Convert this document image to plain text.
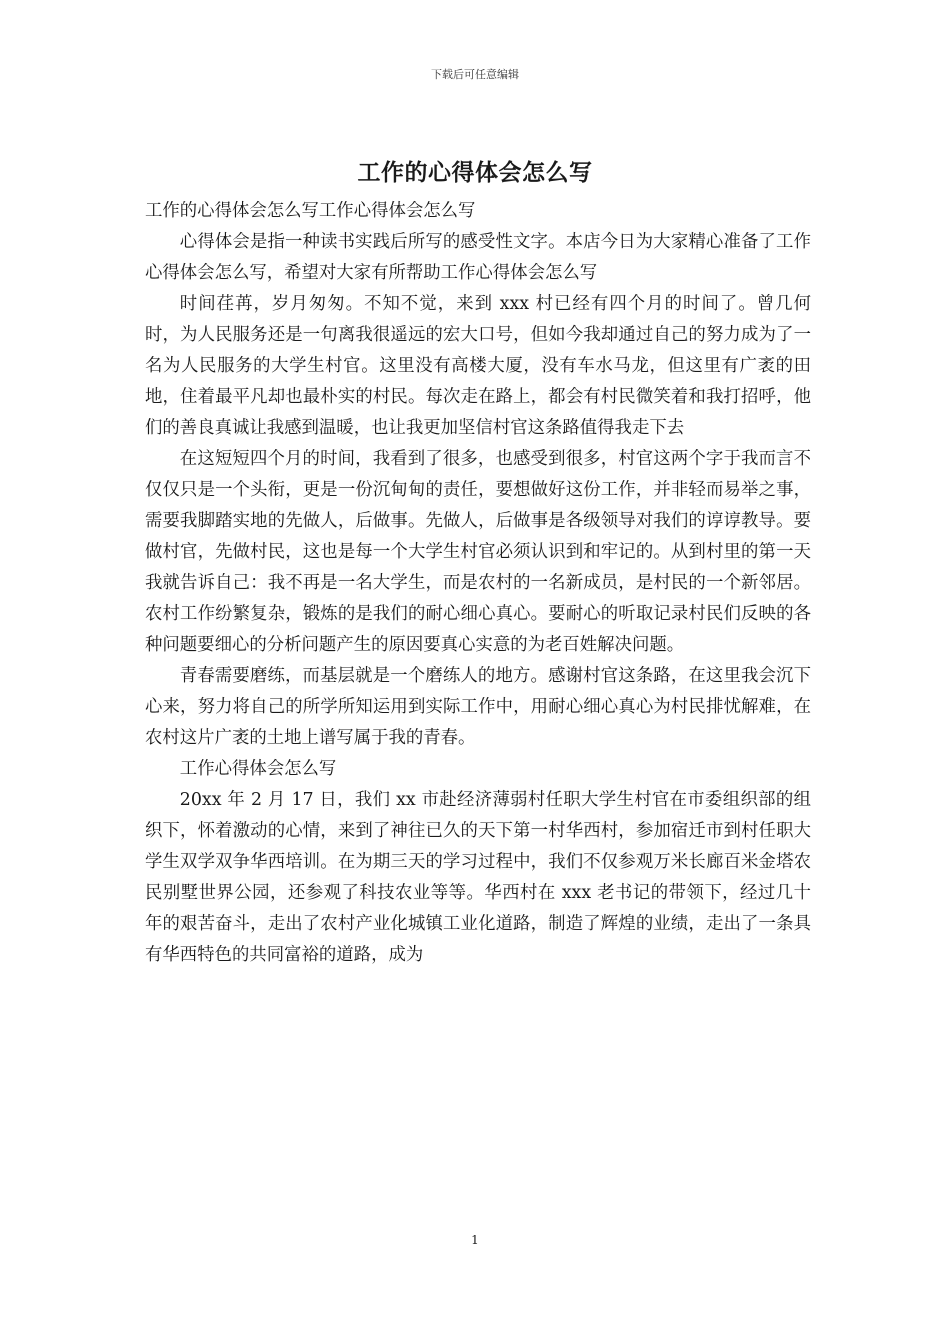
下载后可任意编辑
工作的心得体会怎么写

工作的心得体会怎么写工作心得体会怎么写

心得体会是指一种读书实践后所写的感受性文字。本店今日为大家精心准备了工作心得体会怎么写，希望对大家有所帮助工作心得体会怎么写

时间荏苒，岁月匆匆。不知不觉，来到 xxx 村已经有四个月的时间了。曾几何时，为人民服务还是一句离我很遥远的宏大口号，但如今我却通过自己的努力成为了一名为人民服务的大学生村官。这里没有高楼大厦，没有车水马龙，但这里有广袤的田地，住着最平凡却也最朴实的村民。每次走在路上，都会有村民微笑着和我打招呼，他们的善良真诚让我感到温暖，也让我更加坚信村官这条路值得我走下去

在这短短四个月的时间，我看到了很多，也感受到很多，村官这两个字于我而言不仅仅只是一个头衔，更是一份沉甸甸的责任，要想做好这份工作，并非轻而易举之事，需要我脚踏实地的先做人，后做事。先做人，后做事是各级领导对我们的谆谆教导。要做村官，先做村民，这也是每一个大学生村官必须认识到和牢记的。从到村里的第一天我就告诉自己：我不再是一名大学生，而是农村的一名新成员，是村民的一个新邻居。农村工作纷繁复杂，锻炼的是我们的耐心细心真心。要耐心的听取记录村民们反映的各种问题要细心的分析问题产生的原因要真心实意的为老百姓解决问题。

青春需要磨练，而基层就是一个磨练人的地方。感谢村官这条路，在这里我会沉下心来，努力将自己的所学所知运用到实际工作中，用耐心细心真心为村民排忧解难，在农村这片广袤的土地上谱写属于我的青春。

工作心得体会怎么写

20xx 年 2 月 17 日，我们 xx 市赴经济薄弱村任职大学生村官在市委组织部的组织下，怀着激动的心情，来到了神往已久的天下第一村华西村，参加宿迁市到村任职大学生双学双争华西培训。在为期三天的学习过程中，我们不仅参观万米长廊百米金塔农民别墅世界公园，还参观了科技农业等等。华西村在 xxx 老书记的带领下，经过几十年的艰苦奋斗，走出了农村产业化城镇工业化道路，制造了辉煌的业绩，走出了一条具有华西特色的共同富裕的道路，成为

1
